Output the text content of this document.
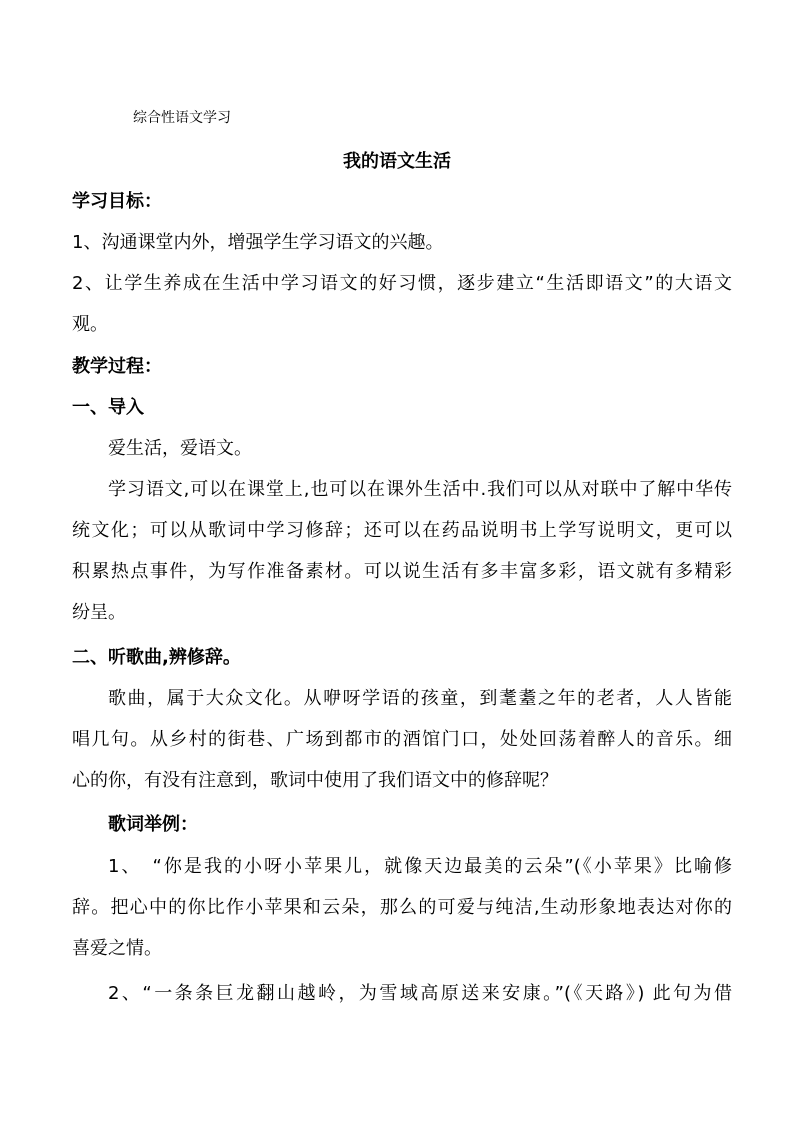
综合性语文学习
我的语文生活
学习目标：
1、沟通课堂内外，增强学生学习语文的兴趣。
2、让学生养成在生活中学习语文的好习惯，逐步建立“生活即语文”的大语文
观。
教学过程：
一、导入
爱生活，爱语文。
学习语文,可以在课堂上,也可以在课外生活中.我们可以从对联中了解中华传
统文化；可以从歌词中学习修辞；还可以在药品说明书上学写说明文，更可以
积累热点事件，为写作准备素材。可以说生活有多丰富多彩，语文就有多精彩
纷呈。
二、听歌曲,辨修辞。
歌曲，属于大众文化。从咿呀学语的孩童，到耄耋之年的老者，人人皆能
唱几句。从乡村的街巷、广场到都市的酒馆门口，处处回荡着醉人的音乐。细
心的你，有没有注意到，歌词中使用了我们语文中的修辞呢？
歌词举例：
1、　“你是我的小呀小苹果儿，就像天边最美的云朵”(《小苹果》比喻修
辞。把心中的你比作小苹果和云朵，那么的可爱与纯洁,生动形象地表达对你的
喜爱之情。
2、“一条条巨龙翻山越岭，为雪域高原送来安康。”(《天路》) 此句为借
